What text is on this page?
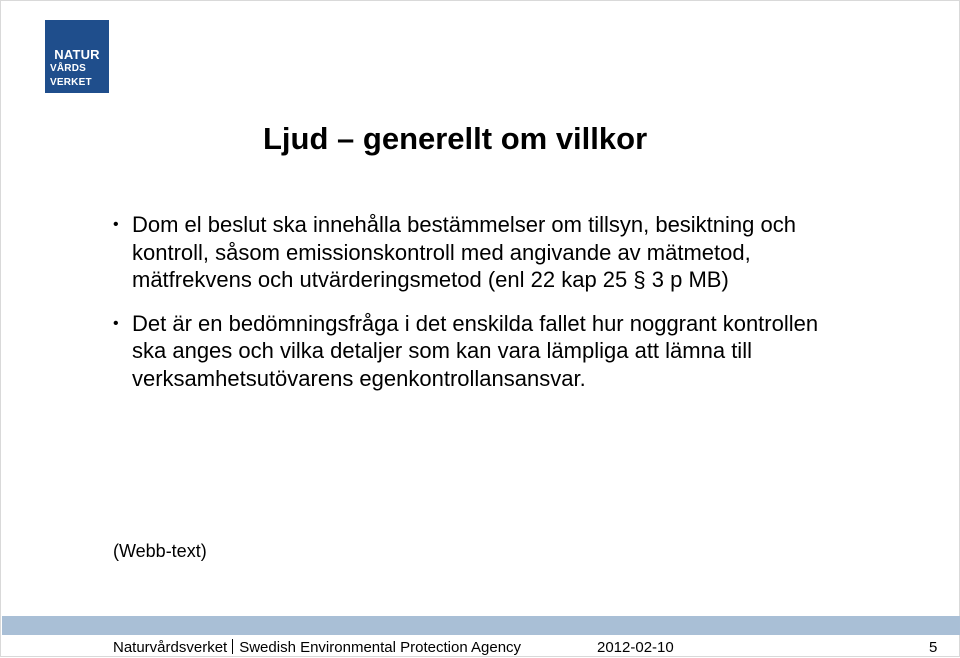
NATUR
VÅRDS
VERKET
Ljud – generellt om villkor
• Dom el beslut ska innehålla bestämmelser om tillsyn, besiktning och kontroll, såsom emissionskontroll med angivande av mätmetod, mätfrekvens och utvärderingsmetod (enl 22 kap 25 § 3 p MB)
• Det är en bedömningsfråga i det enskilda fallet hur noggrant kontrollen ska anges och vilka detaljer som kan vara lämpliga att lämna till verksamhetsutövarens egenkontrollansansvar.
(Webb-text)
Naturvårdsverket Swedish Environmental Protection Agency	2012-02-10	5
